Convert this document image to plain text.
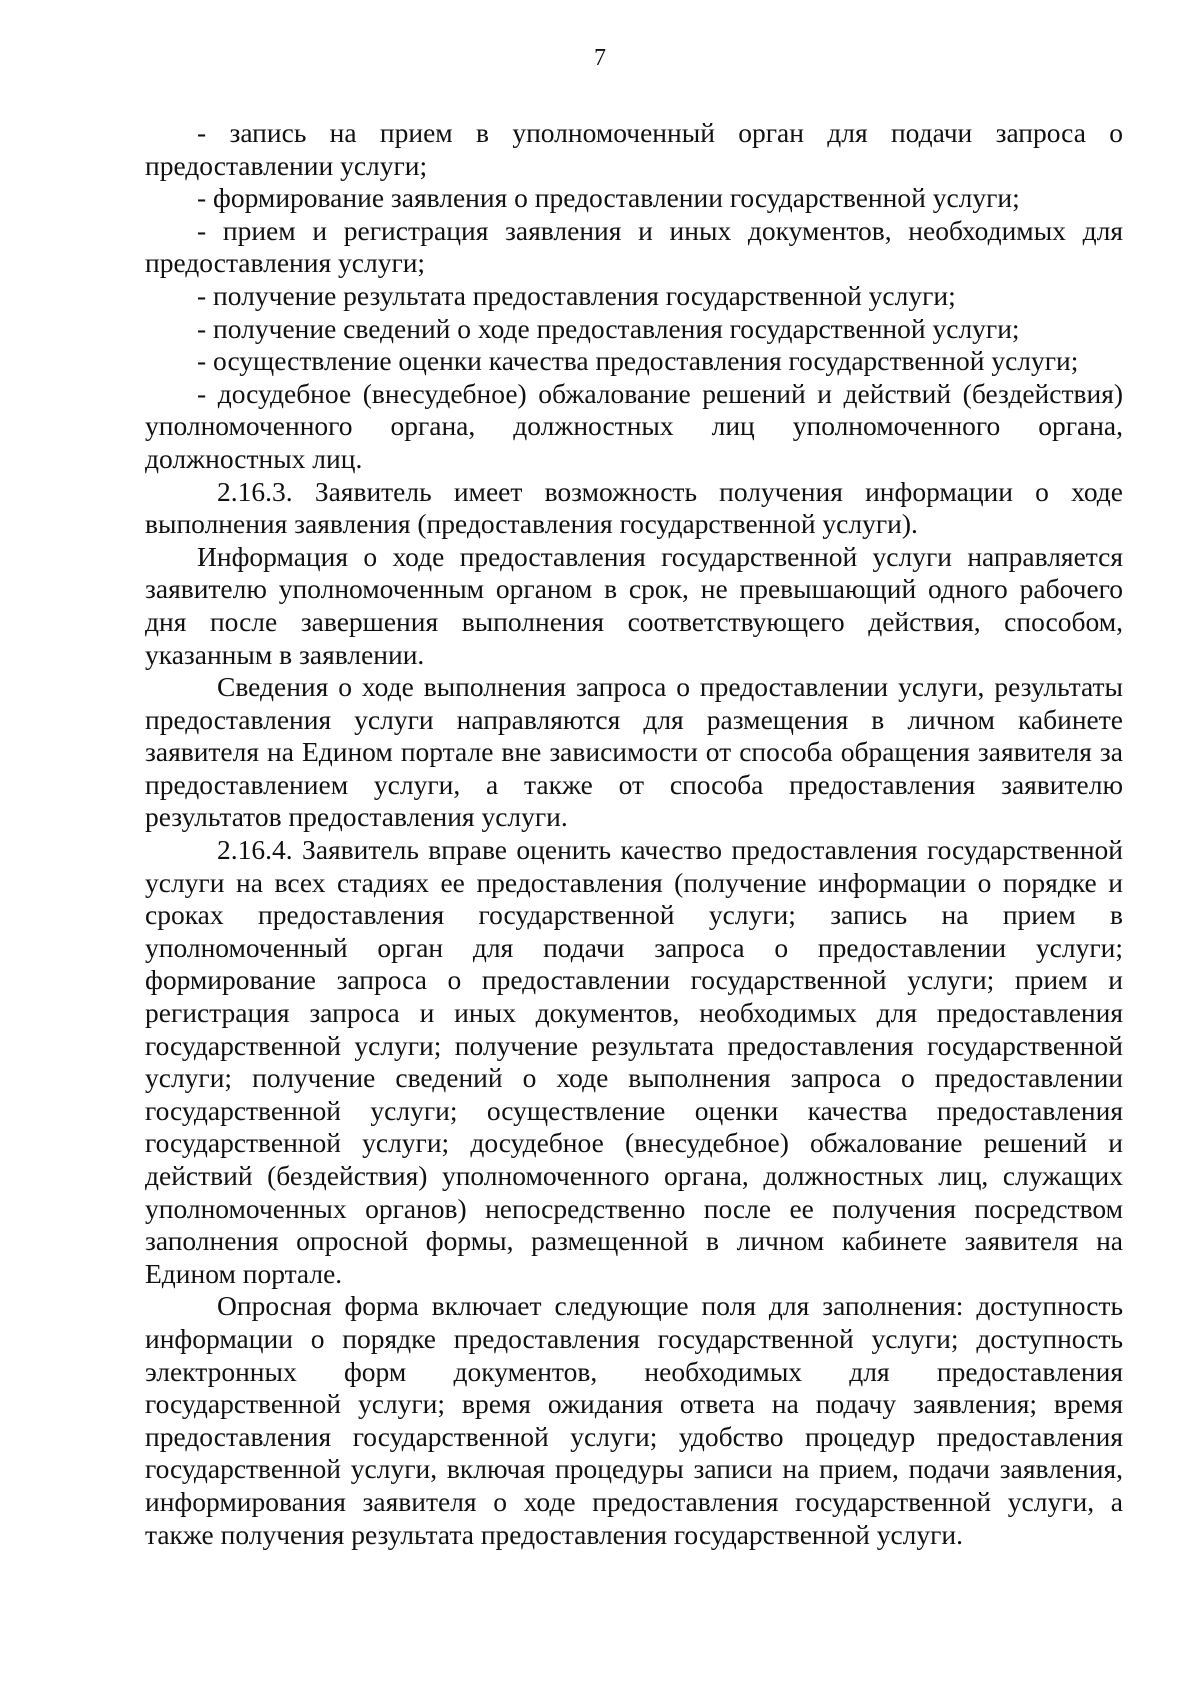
7

- запись на прием в уполномоченный орган для подачи запроса о предоставлении услуги;

- формирование заявления о предоставлении государственной услуги;

- прием и регистрация заявления и иных документов, необходимых для предоставления услуги;

- получение результата предоставления государственной услуги;

- получение сведений о ходе предоставления государственной услуги;

- осуществление оценки качества предоставления государственной услуги;

- досудебное (внесудебное) обжалование решений и действий (бездействия) уполномоченного органа, должностных лиц уполномоченного органа, должностных лиц.

2.16.3. Заявитель имеет возможность получения информации о ходе выполнения заявления (предоставления государственной услуги).

Информация о ходе предоставления государственной услуги направляется заявителю уполномоченным органом в срок, не превышающий одного рабочего дня после завершения выполнения соответствующего действия, способом, указанным в заявлении.

Сведения о ходе выполнения запроса о предоставлении услуги, результаты предоставления услуги направляются для размещения в личном кабинете заявителя на Едином портале вне зависимости от способа обращения заявителя за предоставлением услуги, а также от способа предоставления заявителю результатов предоставления услуги.

2.16.4. Заявитель вправе оценить качество предоставления государственной услуги на всех стадиях ее предоставления (получение информации о порядке и сроках предоставления государственной услуги; запись на прием в уполномоченный орган для подачи запроса о предоставлении услуги; формирование запроса о предоставлении государственной услуги; прием и регистрация запроса и иных документов, необходимых для предоставления государственной услуги; получение результата предоставления государственной услуги; получение сведений о ходе выполнения запроса о предоставлении государственной услуги; осуществление оценки качества предоставления государственной услуги; досудебное (внесудебное) обжалование решений и действий (бездействия) уполномоченного органа, должностных лиц, служащих уполномоченных органов) непосредственно после ее получения посредством заполнения опросной формы, размещенной в личном кабинете заявителя на Едином портале.

Опросная форма включает следующие поля для заполнения: доступность информации о порядке предоставления государственной услуги; доступность электронных форм документов, необходимых для предоставления государственной услуги; время ожидания ответа на подачу заявления; время предоставления государственной услуги; удобство процедур предоставления государственной услуги, включая процедуры записи на прием, подачи заявления, информирования заявителя о ходе предоставления государственной услуги, а также получения результата предоставления государственной услуги.
